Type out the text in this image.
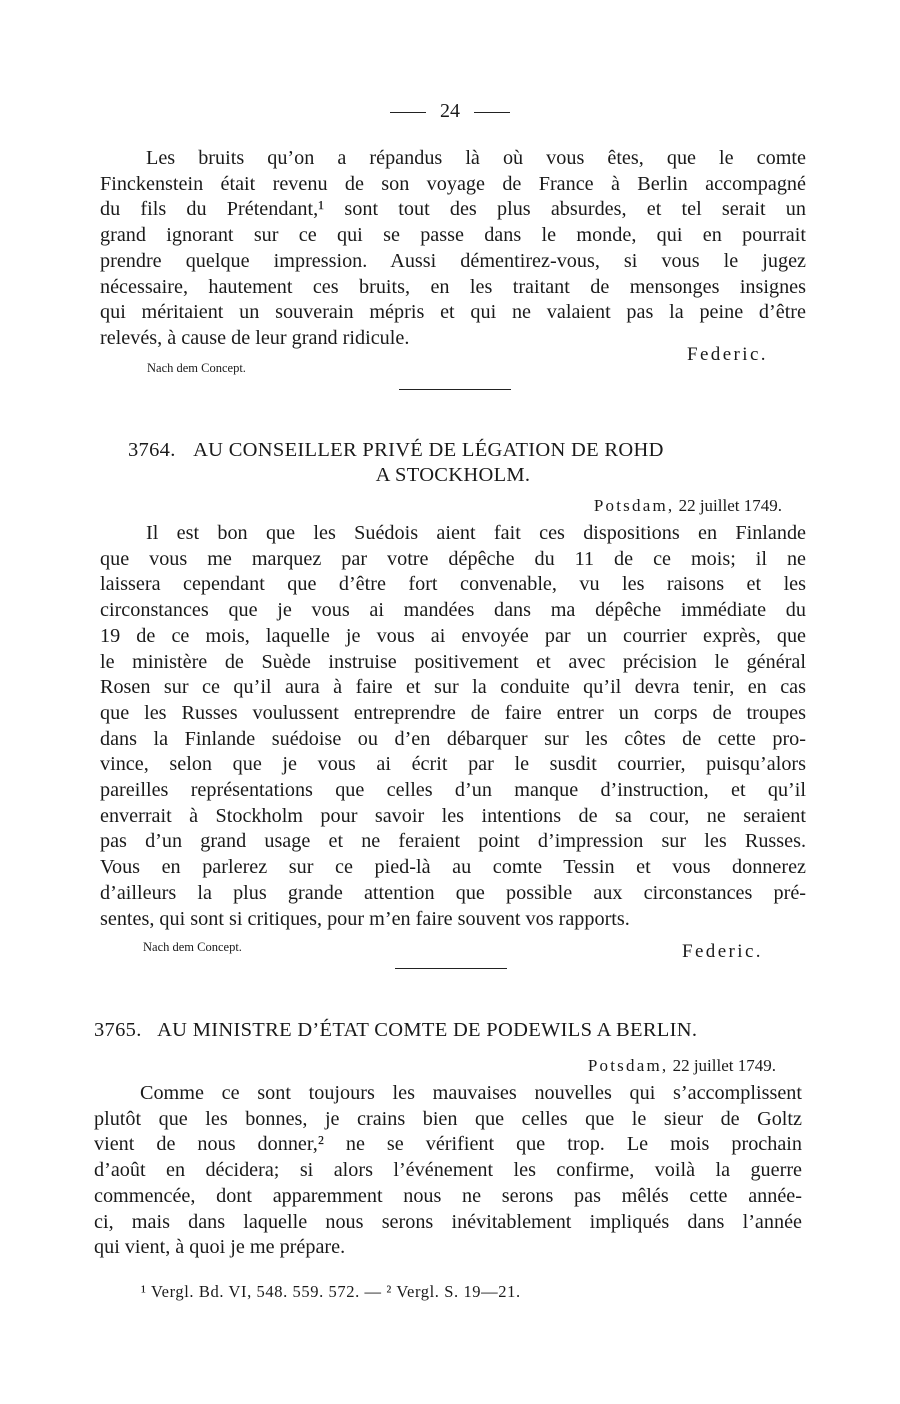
24
Les bruits qu’on a répandus là où vous êtes, que le comte
Finckenstein était revenu de son voyage de France à Berlin accompagné
du fils du Prétendant,¹ sont tout des plus absurdes, et tel serait un
grand ignorant sur ce qui se passe dans le monde, qui en pourrait
prendre quelque impression. Aussi démentirez-vous, si vous le jugez
nécessaire, hautement ces bruits, en les traitant de mensonges insignes
qui méritaient un souverain mépris et qui ne valaient pas la peine d’être
relevés, à cause de leur grand ridicule.
Federic.
Nach dem Concept.
3764. AU CONSEILLER PRIVÉ DE LÉGATION DE ROHD
A STOCKHOLM.
Potsdam, 22 juillet 1749.
Il est bon que les Suédois aient fait ces dispositions en Finlande
que vous me marquez par votre dépêche du 11 de ce mois; il ne
laissera cependant que d’être fort convenable, vu les raisons et les
circonstances que je vous ai mandées dans ma dépêche immédiate du
19 de ce mois, laquelle je vous ai envoyée par un courrier exprès, que
le ministère de Suède instruise positivement et avec précision le général
Rosen sur ce qu’il aura à faire et sur la conduite qu’il devra tenir, en cas
que les Russes voulussent entreprendre de faire entrer un corps de troupes
dans la Finlande suédoise ou d’en débarquer sur les côtes de cette pro-
vince, selon que je vous ai écrit par le susdit courrier, puisqu’alors
pareilles représentations que celles d’un manque d’instruction, et qu’il
enverrait à Stockholm pour savoir les intentions de sa cour, ne seraient
pas d’un grand usage et ne feraient point d’impression sur les Russes.
Vous en parlerez sur ce pied-là au comte Tessin et vous donnerez
d’ailleurs la plus grande attention que possible aux circonstances pré-
sentes, qui sont si critiques, pour m’en faire souvent vos rapports.
Nach dem Concept.	Federic.
3765. AU MINISTRE D’ÉTAT COMTE DE PODEWILS A BERLIN.
Potsdam, 22 juillet 1749.
Comme ce sont toujours les mauvaises nouvelles qui s’accomplissent
plutôt que les bonnes, je crains bien que celles que le sieur de Goltz
vient de nous donner,² ne se vérifient que trop. Le mois prochain
d’août en décidera; si alors l’événement les confirme, voilà la guerre
commencée, dont apparemment nous ne serons pas mêlés cette année-
ci, mais dans laquelle nous serons inévitablement impliqués dans l’année
qui vient, à quoi je me prépare.
¹ Vergl. Bd. VI, 548. 559. 572. — ² Vergl. S. 19—21.
